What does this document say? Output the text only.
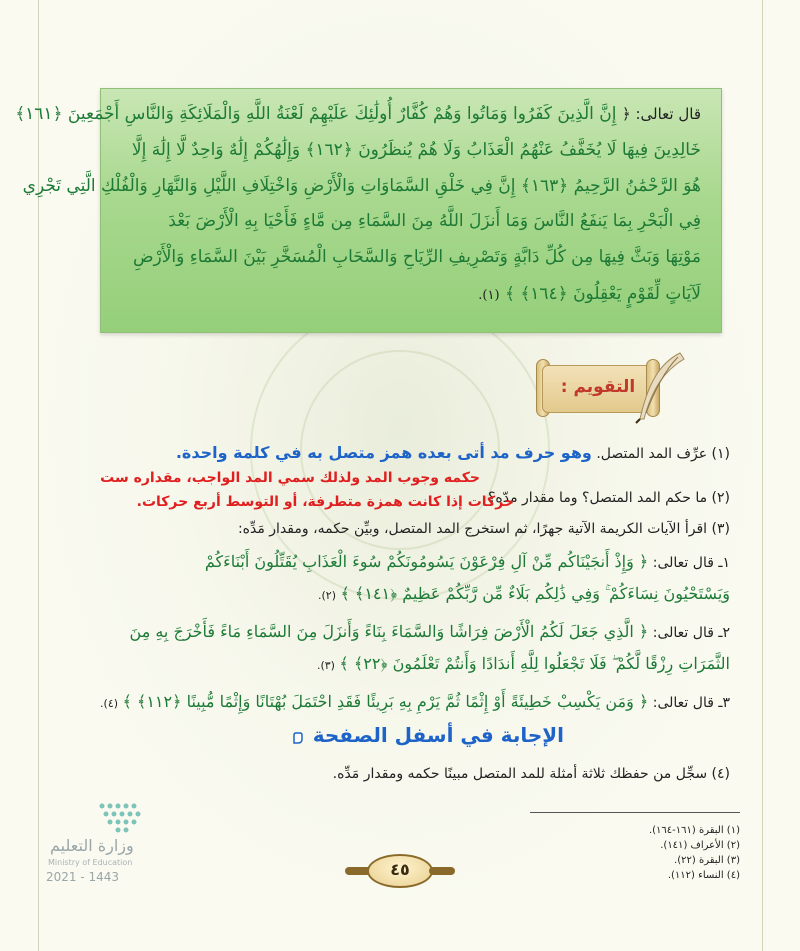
قال تعالى: ﴿ إِنَّ الَّذِينَ كَفَرُوا وَمَاتُوا وَهُمْ كُفَّارٌ أُولَٰئِكَ عَلَيْهِمْ لَعْنَةُ اللَّهِ وَالْمَلَائِكَةِ وَالنَّاسِ أَجْمَعِينَ ﴿١٦١﴾
خَالِدِينَ فِيهَا لَا يُخَفَّفُ عَنْهُمُ الْعَذَابُ وَلَا هُمْ يُنظَرُونَ ﴿١٦٢﴾ وَإِلَٰهُكُمْ إِلَٰهٌ وَاحِدٌ لَّا إِلَٰهَ إِلَّا
هُوَ الرَّحْمَٰنُ الرَّحِيمُ ﴿١٦٣﴾ إِنَّ فِي خَلْقِ السَّمَاوَاتِ وَالْأَرْضِ وَاخْتِلَافِ اللَّيْلِ وَالنَّهَارِ وَالْفُلْكِ الَّتِي تَجْرِي
فِي الْبَحْرِ بِمَا يَنفَعُ النَّاسَ وَمَا أَنزَلَ اللَّهُ مِنَ السَّمَاءِ مِن مَّاءٍ فَأَحْيَا بِهِ الْأَرْضَ بَعْدَ
مَوْتِهَا وَبَثَّ فِيهَا مِن كُلِّ دَابَّةٍ وَتَصْرِيفِ الرِّيَاحِ وَالسَّحَابِ الْمُسَخَّرِ بَيْنَ السَّمَاءِ وَالْأَرْضِ
لَآيَاتٍ لِّقَوْمٍ يَعْقِلُونَ ﴿١٦٤﴾ ﴾ (١).
التقويم :
(١) عرِّف المد المتصل. وهو حرف مد أتى بعده همز متصل به في كلمة واحدة.
حكمه وجوب المد ولذلك سمي المد الواجب، مقداره ست
(٢) ما حكم المد المتصل؟ وما مقدار مدّه؟
حركات إذا كانت همزة متطرفة، أو التوسط أربع حركات.
(٣) اقرأ الآيات الكريمة الآتية جهرًا، ثم استخرج المد المتصل، وبيِّن حكمه، ومقدار مَدِّه:
١ـ قال تعالى: ﴿ وَإِذْ أَنجَيْنَاكُم مِّنْ آلِ فِرْعَوْنَ يَسُومُونَكُمْ سُوءَ الْعَذَابِ يُقَتِّلُونَ أَبْنَاءَكُمْ
وَيَسْتَحْيُونَ نِسَاءَكُمْ ۚ وَفِي ذَٰلِكُم بَلَاءٌ مِّن رَّبِّكُمْ عَظِيمٌ ﴿١٤١﴾ ﴾ (٢).
٢ـ قال تعالى: ﴿ الَّذِي جَعَلَ لَكُمُ الْأَرْضَ فِرَاشًا وَالسَّمَاءَ بِنَاءً وَأَنزَلَ مِنَ السَّمَاءِ مَاءً فَأَخْرَجَ بِهِ مِنَ
الثَّمَرَاتِ رِزْقًا لَّكُمْ ۖ فَلَا تَجْعَلُوا لِلَّهِ أَندَادًا وَأَنتُمْ تَعْلَمُونَ ﴿٢٢﴾ ﴾ (٣).
٣ـ قال تعالى: ﴿ وَمَن يَكْسِبْ خَطِيئَةً أَوْ إِثْمًا ثُمَّ يَرْمِ بِهِ بَرِيئًا فَقَدِ احْتَمَلَ بُهْتَانًا وَإِثْمًا مُّبِينًا ﴿١١٢﴾ ﴾ (٤).
الإجابة في أسفل الصفحة
(٤) سجِّل من حفظك ثلاثة أمثلة للمد المتصل مبينًا حكمه ومقدار مَدِّه.
(١) البقرة (١٦١-١٦٤).
(٢) الأعراف (١٤١).
(٣) البقرة (٢٢).
(٤) النساء (١١٢).
٤٥
وزارة التعليم
Ministry of Education
2021 - 1443
